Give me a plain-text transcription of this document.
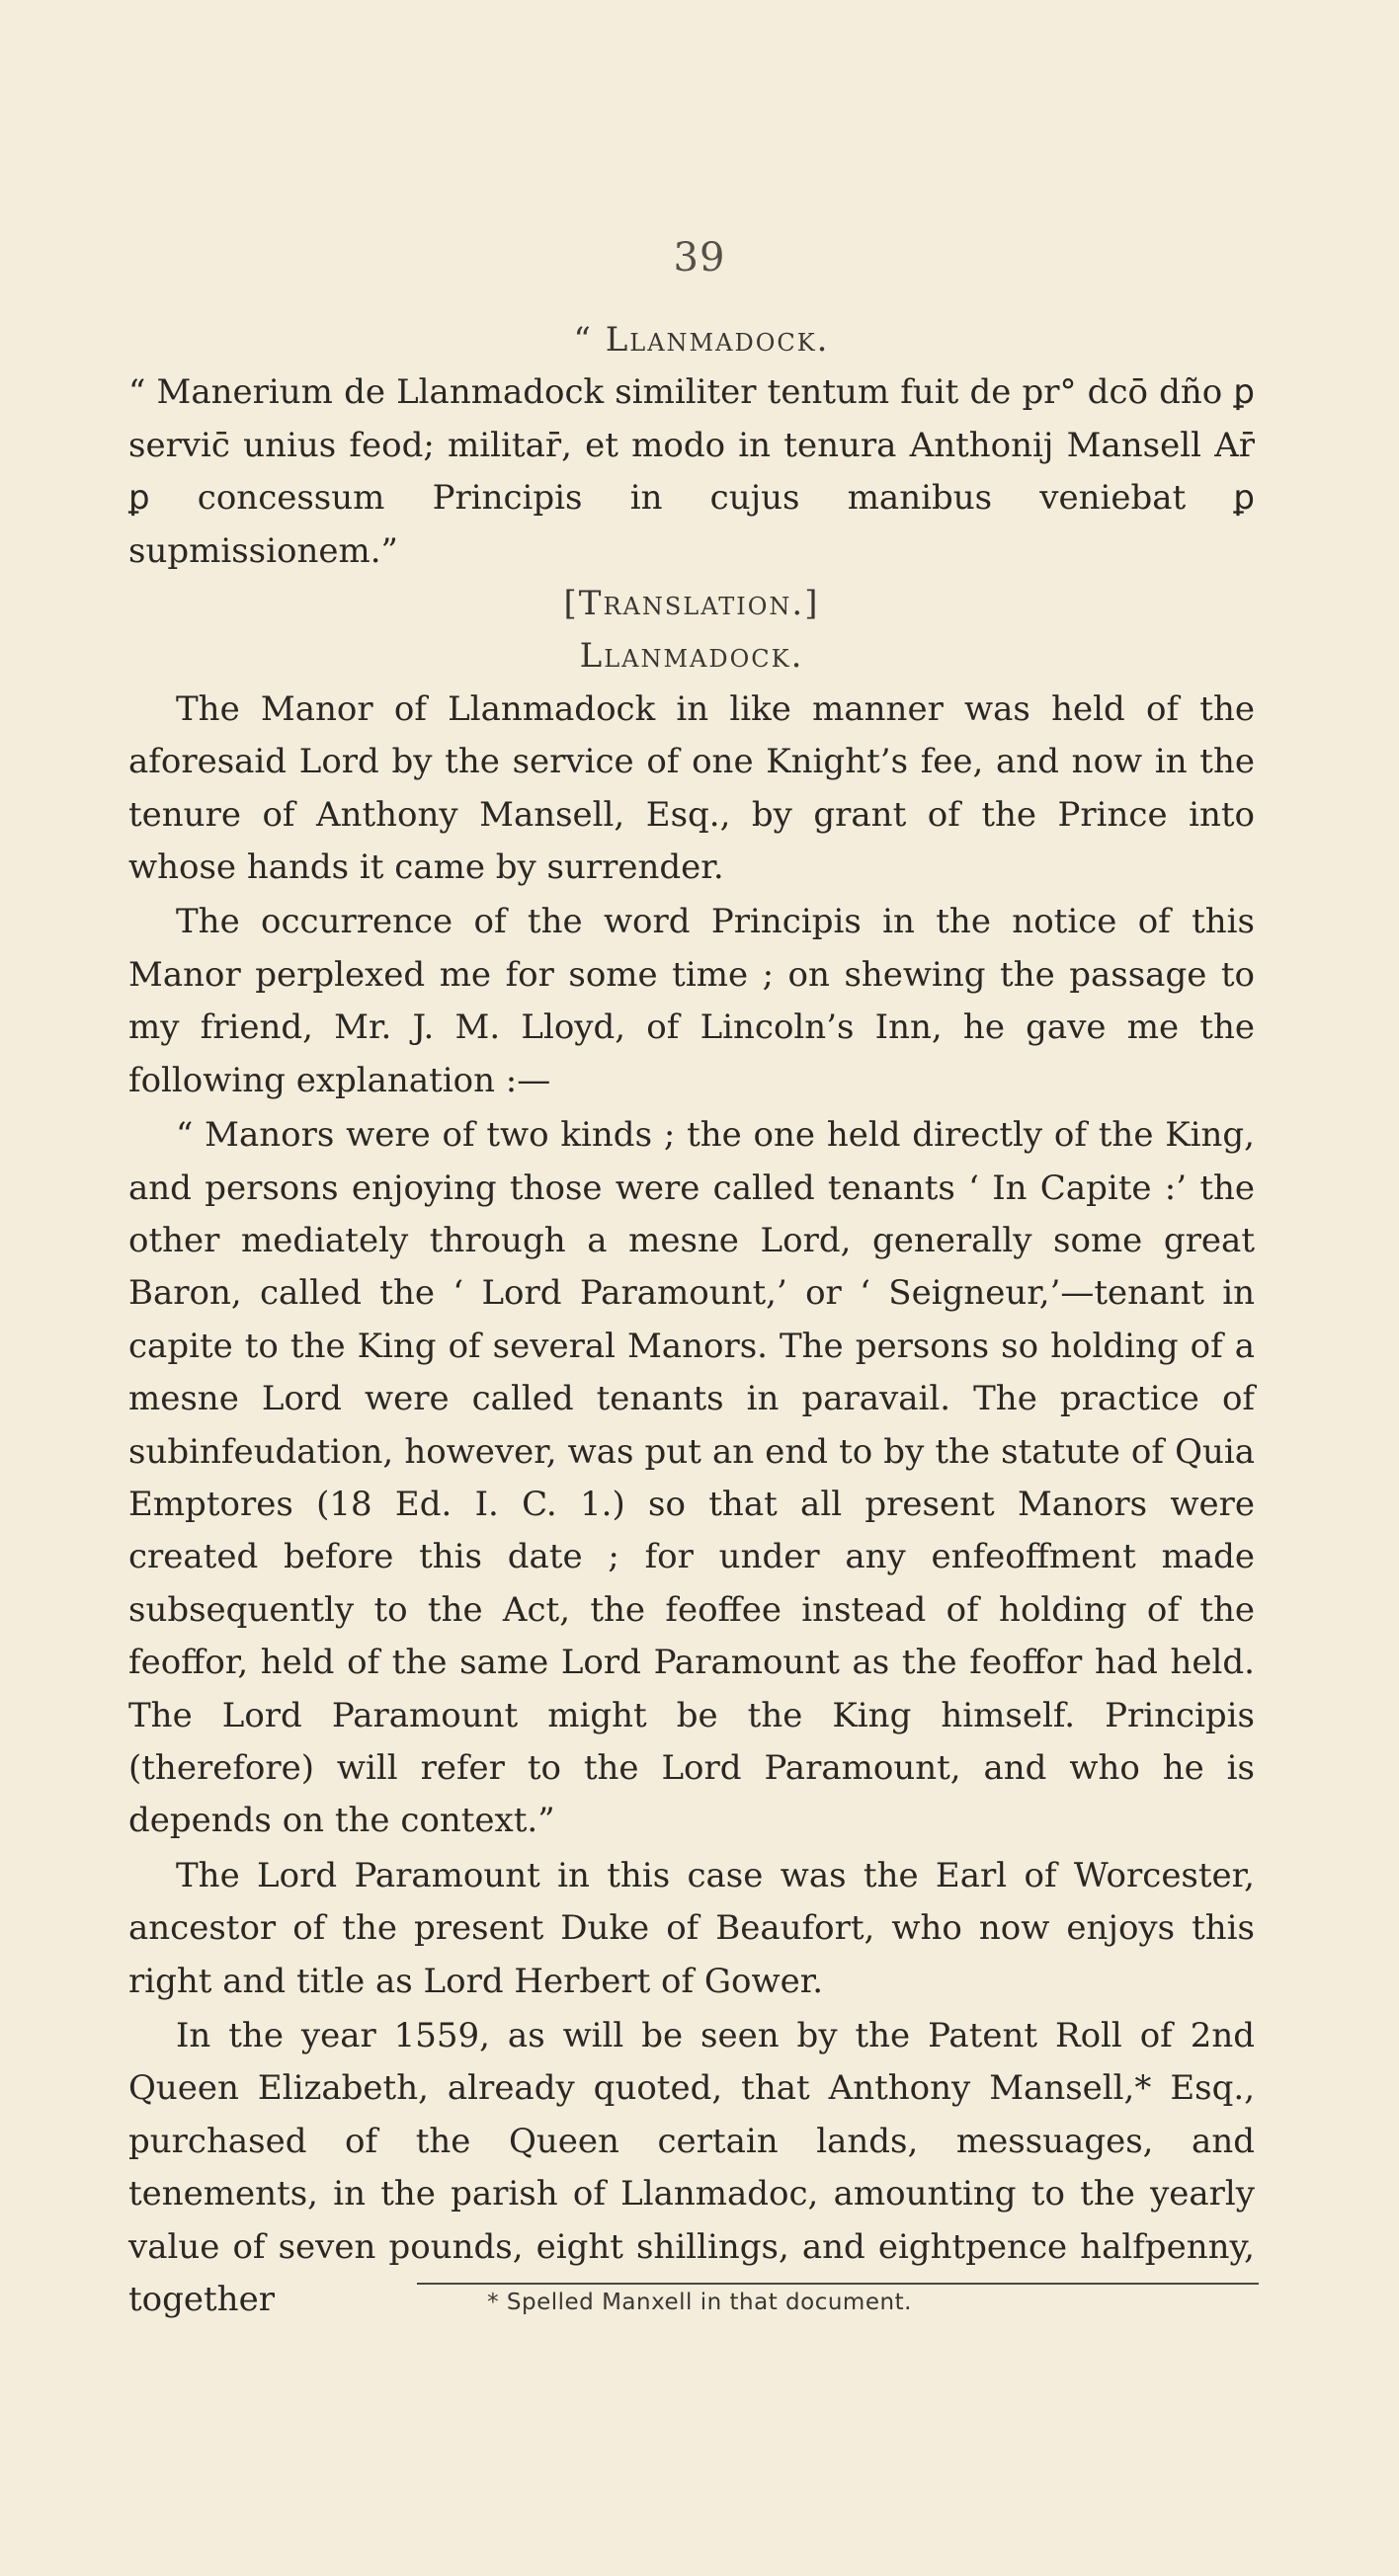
39
“ Llanmadock.

“ Manerium de Llanmadock similiter tentum fuit de pr° dcō dño ꝑ servic̄ unius feod; militar̄, et modo in tenura Anthonij Mansell Ar̄ ꝑ concessum Principis in cujus manibus veniebat ꝑ supmissionem.”

[Translation.]
Llanmadock.

The Manor of Llanmadock in like manner was held of the aforesaid Lord by the service of one Knight’s fee, and now in the tenure of Anthony Mansell, Esq., by grant of the Prince into whose hands it came by surrender.

The occurrence of the word Principis in the notice of this Manor perplexed me for some time ; on shewing the passage to my friend, Mr. J. M. Lloyd, of Lincoln’s Inn, he gave me the following explanation :—

“ Manors were of two kinds ; the one held directly of the King, and persons enjoying those were called tenants ‘ In Capite :’ the other mediately through a mesne Lord, generally some great Baron, called the ‘ Lord Paramount,’ or ‘ Seigneur,’—tenant in capite to the King of several Manors. The persons so holding of a mesne Lord were called tenants in paravail. The practice of subinfeudation, however, was put an end to by the statute of Quia Emptores (18 Ed. I. C. 1.) so that all present Manors were created before this date ; for under any enfeoffment made subsequently to the Act, the feoffee instead of holding of the feoffor, held of the same Lord Paramount as the feoffor had held. The Lord Paramount might be the King himself. Principis (therefore) will refer to the Lord Paramount, and who he is depends on the context.”

The Lord Paramount in this case was the Earl of Worcester, ancestor of the present Duke of Beaufort, who now enjoys this right and title as Lord Herbert of Gower.

In the year 1559, as will be seen by the Patent Roll of 2nd Queen Elizabeth, already quoted, that Anthony Mansell,* Esq., purchased of the Queen certain lands, messuages, and tenements, in the parish of Llanmadoc, amounting to the yearly value of seven pounds, eight shillings, and eightpence halfpenny, together	* Spelled Manxell in that document.
